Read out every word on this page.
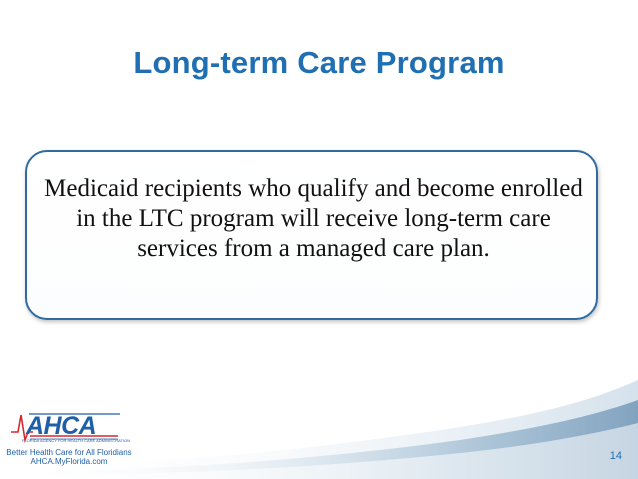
Long-term Care Program
Medicaid recipients who qualify and become enrolled in the LTC program will receive long-term care services from a managed care plan.
AHCA
FLORIDA AGENCY FOR HEALTH CARE ADMINISTRATION
Better Health Care for All Floridians
AHCA.MyFlorida.com	14
